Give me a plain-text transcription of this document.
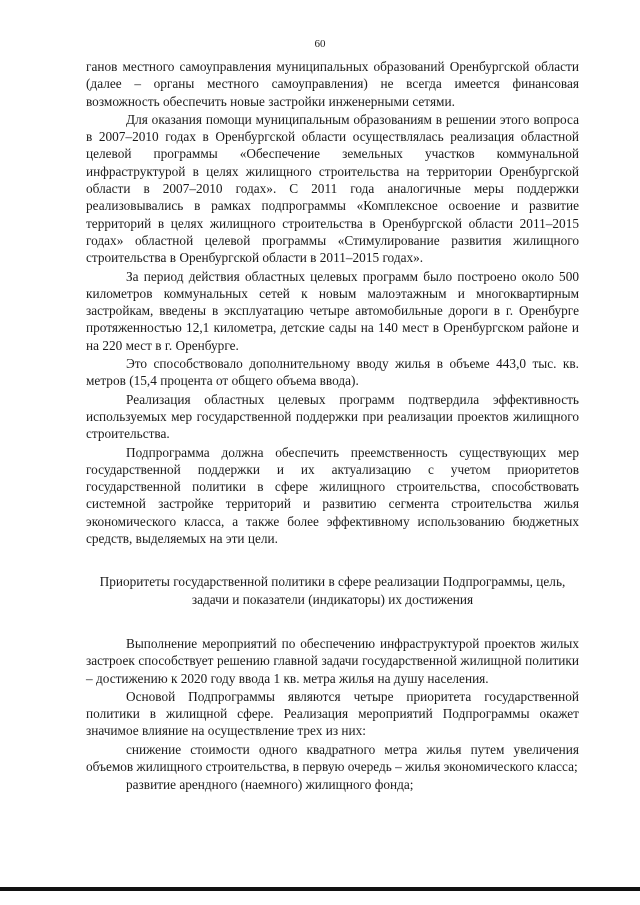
60

ганов местного самоуправления муниципальных образований Оренбургской области (далее – органы местного самоуправления) не всегда имеется финансовая возможность обеспечить новые застройки инженерными сетями.

Для оказания помощи муниципальным образованиям в решении этого вопроса в 2007–2010 годах в Оренбургской области осуществлялась реализация областной целевой программы «Обеспечение земельных участков коммунальной инфраструктурой в целях жилищного строительства на территории Оренбургской области в 2007–2010 годах». С 2011 года аналогичные меры поддержки реализовывались в рамках подпрограммы «Комплексное освоение и развитие территорий в целях жилищного строительства в Оренбургской области 2011–2015 годах» областной целевой программы «Стимулирование развития жилищного строительства в Оренбургской области в 2011–2015 годах».

За период действия областных целевых программ было построено около 500 километров коммунальных сетей к новым малоэтажным и многоквартирным застройкам, введены в эксплуатацию четыре автомобильные дороги в г. Оренбурге протяженностью 12,1 километра, детские сады на 140 мест в Оренбургском районе и на 220 мест в г. Оренбурге.

Это способствовало дополнительному вводу жилья в объеме 443,0 тыс. кв. метров (15,4 процента от общего объема ввода).

Реализация областных целевых программ подтвердила эффективность используемых мер государственной поддержки при реализации проектов жилищного строительства.

Подпрограмма должна обеспечить преемственность существующих мер государственной поддержки и их актуализацию с учетом приоритетов государственной политики в сфере жилищного строительства, способствовать системной застройке территорий и развитию сегмента строительства жилья экономического класса, а также более эффективному использованию бюджетных средств, выделяемых на эти цели.

Приоритеты государственной политики в сфере реализации Подпрограммы, цель, задачи и показатели (индикаторы) их достижения

Выполнение мероприятий по обеспечению инфраструктурой проектов жилых застроек способствует решению главной задачи государственной жилищной политики – достижению к 2020 году ввода 1 кв. метра жилья на душу населения.

Основой Подпрограммы являются четыре приоритета государственной политики в жилищной сфере. Реализация мероприятий Подпрограммы окажет значимое влияние на осуществление трех из них:

снижение стоимости одного квадратного метра жилья путем увеличения объемов жилищного строительства, в первую очередь – жилья экономического класса;

развитие арендного (наемного) жилищного фонда;
